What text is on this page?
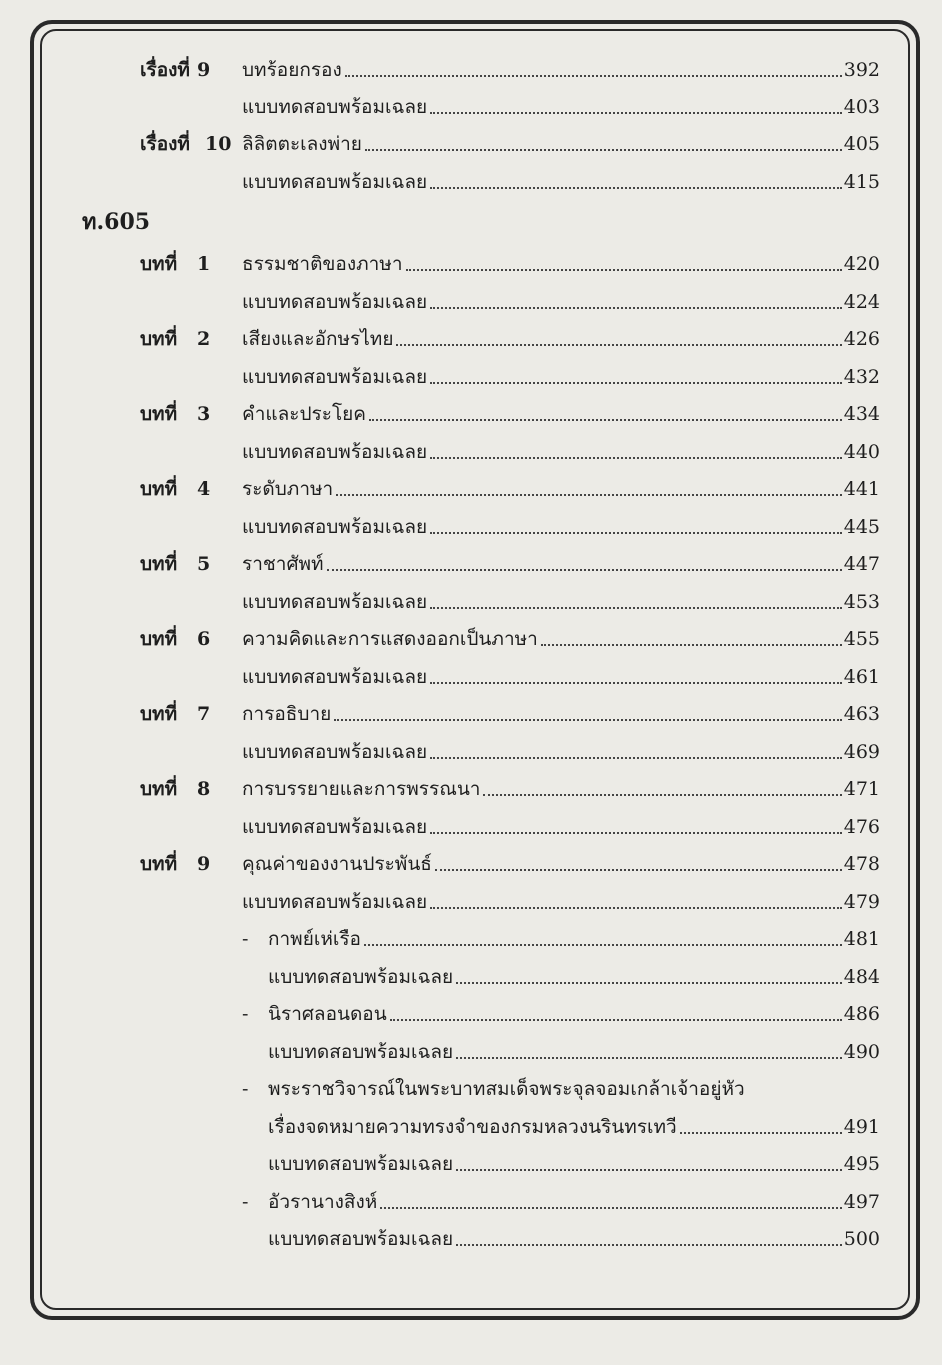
ท.605
เรื่องที่ 9 บทร้อยกรอง	392
แบบทดสอบพร้อมเฉลย	403
เรื่องที่ 10 ลิลิตตะเลงพ่าย	405
แบบทดสอบพร้อมเฉลย	415
บทที่ 1 ธรรมชาติของภาษา	420
แบบทดสอบพร้อมเฉลย	424
บทที่ 2 เสียงและอักษรไทย	426
แบบทดสอบพร้อมเฉลย	432
บทที่ 3 คำและประโยค	434
แบบทดสอบพร้อมเฉลย	440
บทที่ 4 ระดับภาษา	441
แบบทดสอบพร้อมเฉลย	445
บทที่ 5 ราชาศัพท์	447
แบบทดสอบพร้อมเฉลย	453
บทที่ 6 ความคิดและการแสดงออกเป็นภาษา	455
แบบทดสอบพร้อมเฉลย	461
บทที่ 7 การอธิบาย	463
แบบทดสอบพร้อมเฉลย	469
บทที่ 8 การบรรยายและการพรรณนา	471
แบบทดสอบพร้อมเฉลย	476
บทที่ 9 คุณค่าของงานประพันธ์	478
แบบทดสอบพร้อมเฉลย	479
- กาพย์เห่เรือ	481
แบบทดสอบพร้อมเฉลย	484
- นิราศลอนดอน	486
แบบทดสอบพร้อมเฉลย	490
- พระราชวิจารณ์ในพระบาทสมเด็จพระจุลจอมเกล้าเจ้าอยู่หัว
เรื่องจดหมายความทรงจำของกรมหลวงนรินทรเทวี	491
แบบทดสอบพร้อมเฉลย	495
- อัวรานางสิงห์	497
แบบทดสอบพร้อมเฉลย	500
